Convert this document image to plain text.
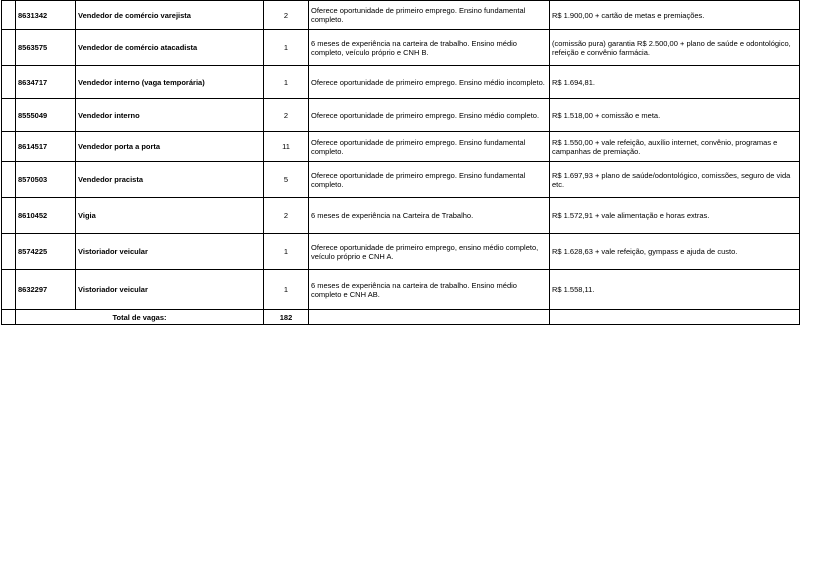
	8631342	Vendedor de comércio varejista	2	Oferece oportunidade de primeiro emprego. Ensino fundamental completo.	R$ 1.900,00 + cartão de metas e premiações.
	8563575	Vendedor de comércio atacadista	1	6 meses de experiência na carteira de trabalho. Ensino médio completo, veículo próprio e CNH B.	(comissão pura) garantia R$ 2.500,00 + plano de saúde e odontológico, refeição e convênio farmácia.
	8634717	Vendedor interno (vaga temporária)	1	Oferece oportunidade de primeiro emprego. Ensino médio incompleto.	R$ 1.694,81.
	8555049	Vendedor interno	2	Oferece oportunidade de primeiro emprego. Ensino médio completo.	R$ 1.518,00 + comissão e meta.
	8614517	Vendedor porta a porta	11	Oferece oportunidade de primeiro emprego. Ensino fundamental completo.	R$ 1.550,00 + vale refeição, auxílio internet, convênio, programas e campanhas de premiação.
	8570503	Vendedor pracista	5	Oferece oportunidade de primeiro emprego. Ensino fundamental completo.	R$ 1.697,93 + plano de saúde/odontológico, comissões, seguro de vida etc.
	8610452	Vigia	2	6 meses de experiência na Carteira de Trabalho.	R$ 1.572,91 + vale alimentação e horas extras.
	8574225	Vistoriador veicular	1	Oferece oportunidade de primeiro emprego, ensino médio completo, veículo próprio e CNH A.	R$ 1.628,63 + vale refeição, gympass e ajuda de custo.
	8632297	Vistoriador veicular	1	6 meses de experiência na carteira de trabalho. Ensino médio completo e CNH AB.	R$ 1.558,11.
	Total de vagas:		182		
